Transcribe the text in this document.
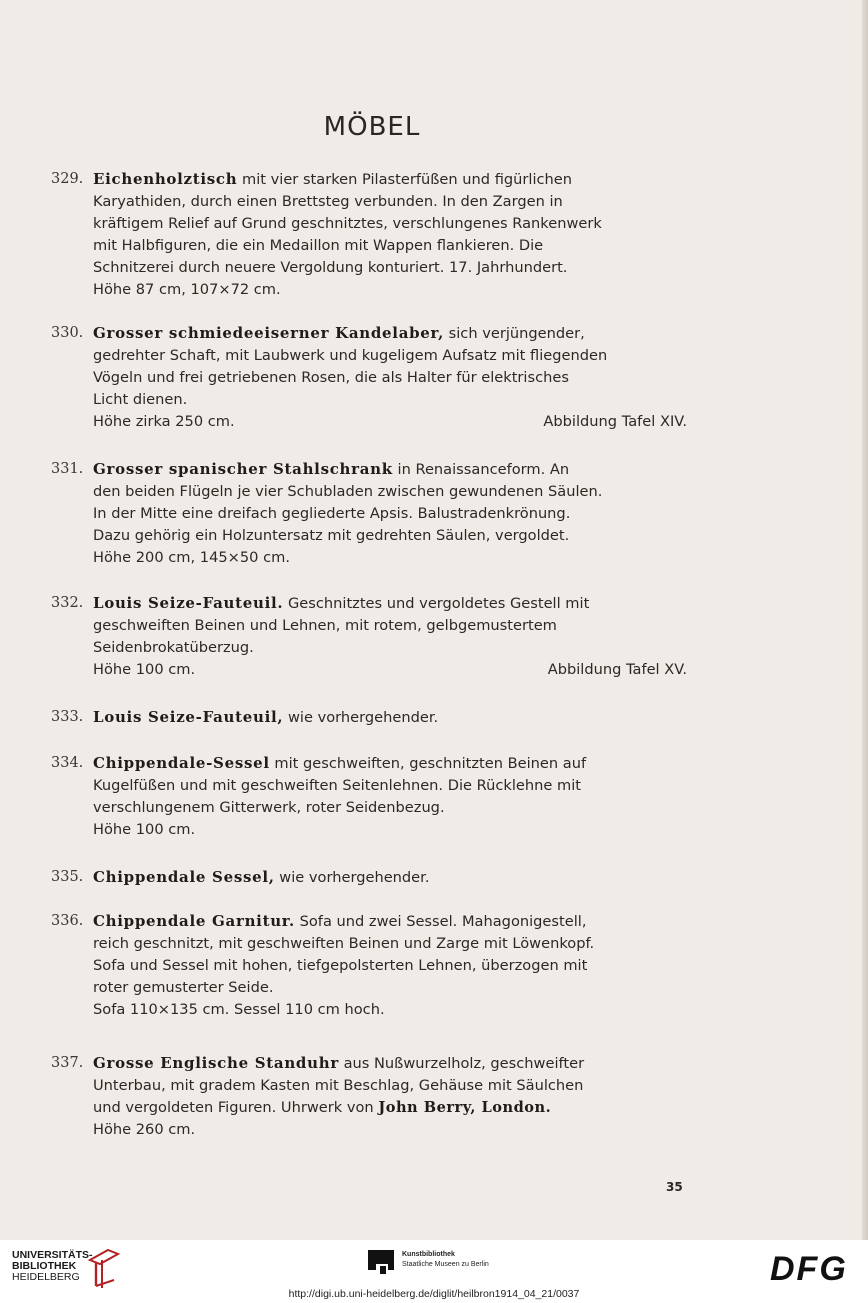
MÖBEL
329. Eichenholztisch mit vier starken Pilasterfüßen und figürlichen
Karyathiden, durch einen Brettsteg verbunden. In den Zargen in
kräftigem Relief auf Grund geschnitztes, verschlungenes Rankenwerk
mit Halbfiguren, die ein Medaillon mit Wappen flankieren. Die
Schnitzerei durch neuere Vergoldung konturiert. 17. Jahrhundert.
Höhe 87 cm, 107×72 cm.
330. Grosser schmiedeeiserner Kandelaber, sich verjüngender,
gedrehter Schaft, mit Laubwerk und kugeligem Aufsatz mit fliegenden
Vögeln und frei getriebenen Rosen, die als Halter für elektrisches
Licht dienen.
Höhe zirka 250 cm.	Abbildung Tafel XIV.
331. Grosser spanischer Stahlschrank in Renaissanceform. An
den beiden Flügeln je vier Schubladen zwischen gewundenen Säulen.
In der Mitte eine dreifach gegliederte Apsis. Balustradenkrönung.
Dazu gehörig ein Holzuntersatz mit gedrehten Säulen, vergoldet.
Höhe 200 cm, 145×50 cm.
332. Louis Seize-Fauteuil. Geschnitztes und vergoldetes Gestell mit
geschweiften Beinen und Lehnen, mit rotem, gelbgemustertem
Seidenbrokatüberzug.
Höhe 100 cm.	Abbildung Tafel XV.
333. Louis Seize-Fauteuil, wie vorhergehender.
334. Chippendale-Sessel mit geschweiften, geschnitzten Beinen auf
Kugelfüßen und mit geschweiften Seitenlehnen. Die Rücklehne mit
verschlungenem Gitterwerk, roter Seidenbezug.
Höhe 100 cm.
335. Chippendale Sessel, wie vorhergehender.
336. Chippendale Garnitur. Sofa und zwei Sessel. Mahagonigestell,
reich geschnitzt, mit geschweiften Beinen und Zarge mit Löwenkopf.
Sofa und Sessel mit hohen, tiefgepolsterten Lehnen, überzogen mit
roter gemusterter Seide.
Sofa 110×135 cm. Sessel 110 cm hoch.
337. Grosse Englische Standuhr aus Nußwurzelholz, geschweifter
Unterbau, mit gradem Kasten mit Beschlag, Gehäuse mit Säulchen
und vergoldeten Figuren. Uhrwerk von John Berry, London.
Höhe 260 cm.
35
UNIVERSITÄTS-
BIBLIOTHEK
HEIDELBERG
Kunstbibliothek
Staatliche Museen zu Berlin	DFG
http://digi.ub.uni-heidelberg.de/diglit/heilbron1914_04_21/0037
